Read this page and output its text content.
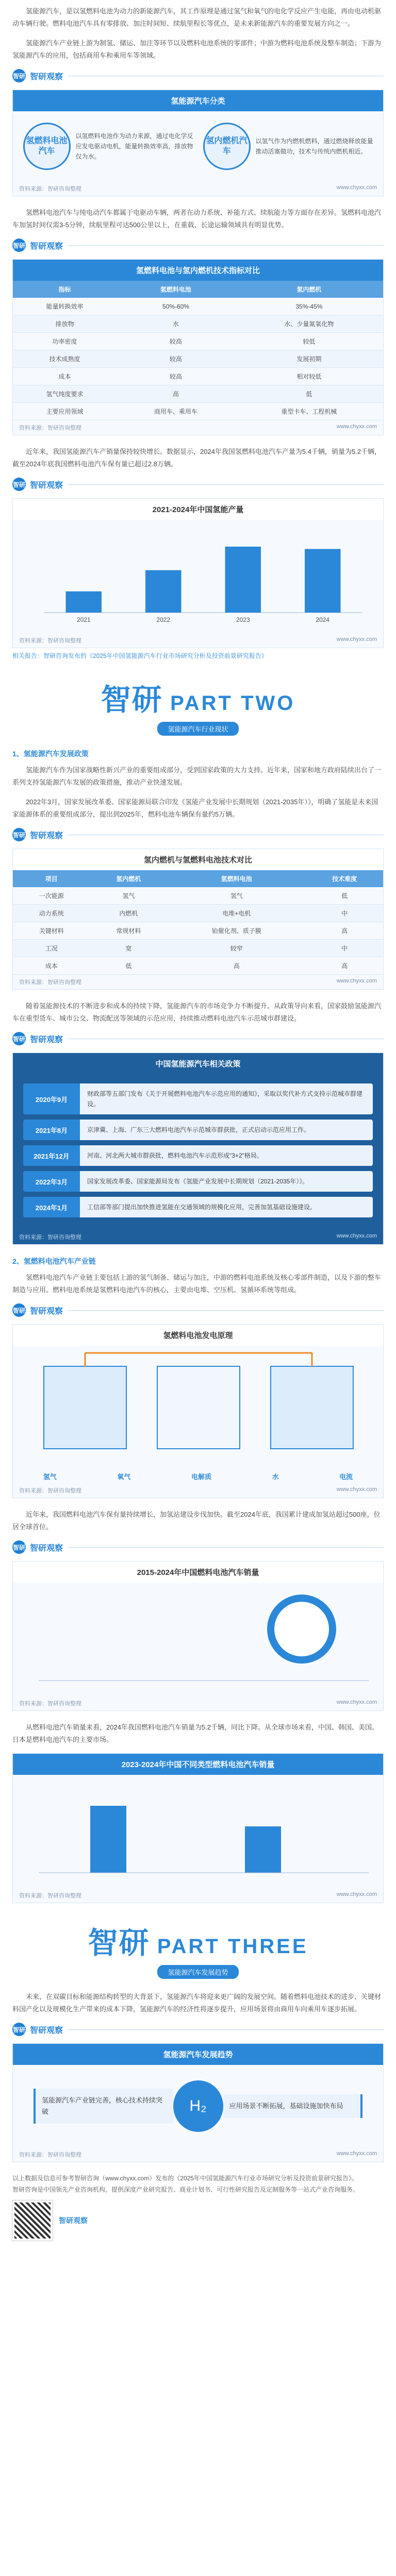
氢能源汽车，是以氢燃料电池为动力的新能源汽车，其工作原理是通过氢气和氧气的电化学反应产生电能，再由电动机驱动车辆行驶。燃料电池汽车具有零排放、加注时间短、续航里程长等优点，是未来新能源汽车的重要发展方向之一。

氢能源汽车产业链上游为制氢、储运、加注等环节以及燃料电池系统的零部件；中游为燃料电池系统及整车制造；下游为氢能源汽车的应用，包括商用车和乘用车等领域。

智研 智研观察
氢能源汽车分类
氢燃料电池汽车
以氢燃料电池作为动力来源，通过电化学反应发电驱动电机，能量转换效率高，排放物仅为水。
氢内燃机汽车
以氢气作为内燃机燃料，通过燃烧释放能量推动活塞做功，技术与传统内燃机相近。
资料来源：智研咨询整理	www.chyxx.com

氢燃料电池汽车与纯电动汽车都属于电驱动车辆，两者在动力系统、补能方式、续航能力等方面存在差异。氢燃料电池汽车加氢时间仅需3-5分钟，续航里程可达500公里以上，在重载、长途运输领域具有明显优势。

智研 智研观察
氢燃料电池与氢内燃机技术指标对比
指标	氢燃料电池	氢内燃机
能量转换效率	50%-60%	35%-45%
排放物	水	水、少量氮氧化物
功率密度	较高	较低
技术成熟度	较高	发展初期
成本	较高	相对较低
氢气纯度要求	高	低
主要应用领域	商用车、乘用车	重型卡车、工程机械
资料来源：智研咨询整理	www.chyxx.com

近年来，我国氢能源汽车产销量保持较快增长。数据显示，2024年我国氢燃料电池汽车产量为5.4千辆，销量为5.2千辆，截至2024年底我国燃料电池汽车保有量已超过2.8万辆。

智研 智研观察
2021-2024年中国氢能产量
2021	2022	2023	2024
资料来源：智研咨询整理	www.chyxx.com
相关报告：智研咨询发布的《2025年中国氢能源汽车行业市场研究分析及投资前景研究报告》
智研 PART TWO
氢能源汽车行业现状
1、氢能源汽车发展政策

氢能源汽车作为国家战略性新兴产业的重要组成部分，受到国家政策的大力支持。近年来，国家和地方政府陆续出台了一系列支持氢能源汽车发展的政策措施，推动产业快速发展。

2022年3月，国家发展改革委、国家能源局联合印发《氢能产业发展中长期规划（2021-2035年）》，明确了氢能是未来国家能源体系的重要组成部分，提出到2025年，燃料电池车辆保有量约5万辆。

智研 智研观察
氢内燃机与氢燃料电池技术对比
项目	氢内燃机	氢燃料电池	技术难度
一次能源	氢气	氢气	低
动力系统	内燃机	电堆+电机	中
关键材料	常规材料	铂催化剂、质子膜	高
工况	宽	较窄	中
成本	低	高	高
资料来源：智研咨询整理	www.chyxx.com

随着氢能源技术的不断进步和成本的持续下降，氢能源汽车的市场竞争力不断提升。从政策导向来看，国家鼓励氢能源汽车在重型货车、城市公交、物流配送等领域的示范应用，持续推动燃料电池汽车示范城市群建设。

智研 智研观察
中国氢能源汽车相关政策
2020年9月
财政部等五部门发布《关于开展燃料电池汽车示范应用的通知》，采取以奖代补方式支持示范城市群建设。
2021年8月	京津冀、上海、广东三大燃料电池汽车示范城市群获批，正式启动示范应用工作。
2021年12月	河南、河北两大城市群获批，燃料电池汽车示范形成"3+2"格局。
2022年3月	国家发展改革委、国家能源局发布《氢能产业发展中长期规划（2021-2035年）》。
2024年1月	工信部等部门提出加快推进氢能在交通领域的规模化应用，完善加氢基础设施建设。
资料来源：智研咨询整理	www.chyxx.com
2、氢燃料电池汽车产业链

氢燃料电池汽车产业链主要包括上游的氢气制备、储运与加注，中游的燃料电池系统及核心零部件制造，以及下游的整车制造与应用。燃料电池系统是氢燃料电池汽车的核心，主要由电堆、空压机、氢循环系统等组成。

智研 智研观察
氢燃料电池发电原理
氢气	氧气	电解质	水	电流
资料来源：智研咨询整理	www.chyxx.com

近年来，我国燃料电池汽车保有量持续增长，加氢站建设步伐加快。截至2024年底，我国累计建成加氢站超过500座，位居全球首位。

智研 智研观察
2015-2024年中国燃料电池汽车销量
资料来源：智研咨询整理	www.chyxx.com

从燃料电池汽车销量来看，2024年我国燃料电池汽车销量为5.2千辆，同比下降。从全球市场来看，中国、韩国、美国、日本是燃料电池汽车的主要市场。

2023-2024年中国不同类型燃料电池汽车销量
资料来源：智研咨询整理	www.chyxx.com
智研 PART THREE
氢能源汽车发展趋势

未来，在双碳目标和能源结构转型的大背景下，氢能源汽车将迎来更广阔的发展空间。随着燃料电池技术的进步、关键材料国产化以及规模化生产带来的成本下降，氢能源汽车的经济性将逐步提升，应用场景将由商用车向乘用车逐步拓展。

智研 智研观察
氢能源汽车发展趋势
氢能源汽车产业链完善，核心技术持续突破	H₂	应用场景不断拓展，基础设施加快布局
资料来源：智研咨询整理	www.chyxx.com
以上数据及信息可参考智研咨询（www.chyxx.com）发布的《2025年中国氢能源汽车行业市场研究分析及投资前景研究报告》。
智研咨询是中国领先产业咨询机构，提供深度产业研究报告、商业计划书、可行性研究报告及定制服务等一站式产业咨询服务。
智研观察
